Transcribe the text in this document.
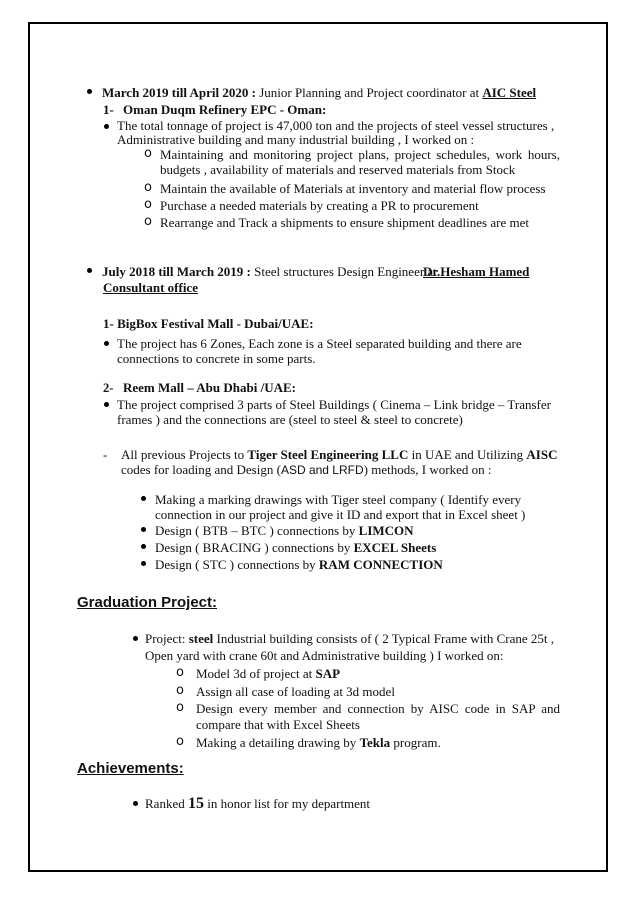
March 2019 till April 2020 : Junior Planning and Project coordinator at AIC Steel
1- Oman Duqm Refinery EPC - Oman:
The total tonnage of project is 47,000 ton and the projects of steel vessel structures ,
Administrative building and many industrial building , I worked on :
o Maintaining and monitoring project plans, project schedules, work hours,
budgets , availability of materials and reserved materials from Stock
o Maintain the available of Materials at inventory and material flow process
o Purchase a needed materials by creating a PR to procurement
o Rearrange and Track a shipments to ensure shipment deadlines are met
July 2018 till March 2019 : Steel structures Design Engineer at
Dr.Hesham Hamed
Consultant office
1- BigBox Festival Mall - Dubai/UAE:
The project has 6 Zones, Each zone is a Steel separated building and there are
connections to concrete in some parts.
2- Reem Mall – Abu Dhabi /UAE:
The project comprised 3 parts of Steel Buildings ( Cinema – Link bridge – Transfer
frames ) and the connections are (steel to steel & steel to concrete)
- All previous Projects to Tiger Steel Engineering LLC in UAE and Utilizing AISC
codes for loading and Design (ASD and LRFD) methods, I worked on :
Making a marking drawings with Tiger steel company ( Identify every
connection in our project and give it ID and export that in Excel sheet )
Design ( BTB – BTC ) connections by LIMCON
Design ( BRACING ) connections by EXCEL Sheets
Design ( STC ) connections by RAM CONNECTION
Graduation Project:
Project: steel Industrial building consists of ( 2 Typical Frame with Crane 25t ,
Open yard with crane 60t and Administrative building ) I worked on:
o Model 3d of project at SAP
o Assign all case of loading at 3d model
o Design every member and connection by AISC code in SAP and
compare that with Excel Sheets
o Making a detailing drawing by Tekla program.
Achievements:
Ranked 15 in honor list for my department
